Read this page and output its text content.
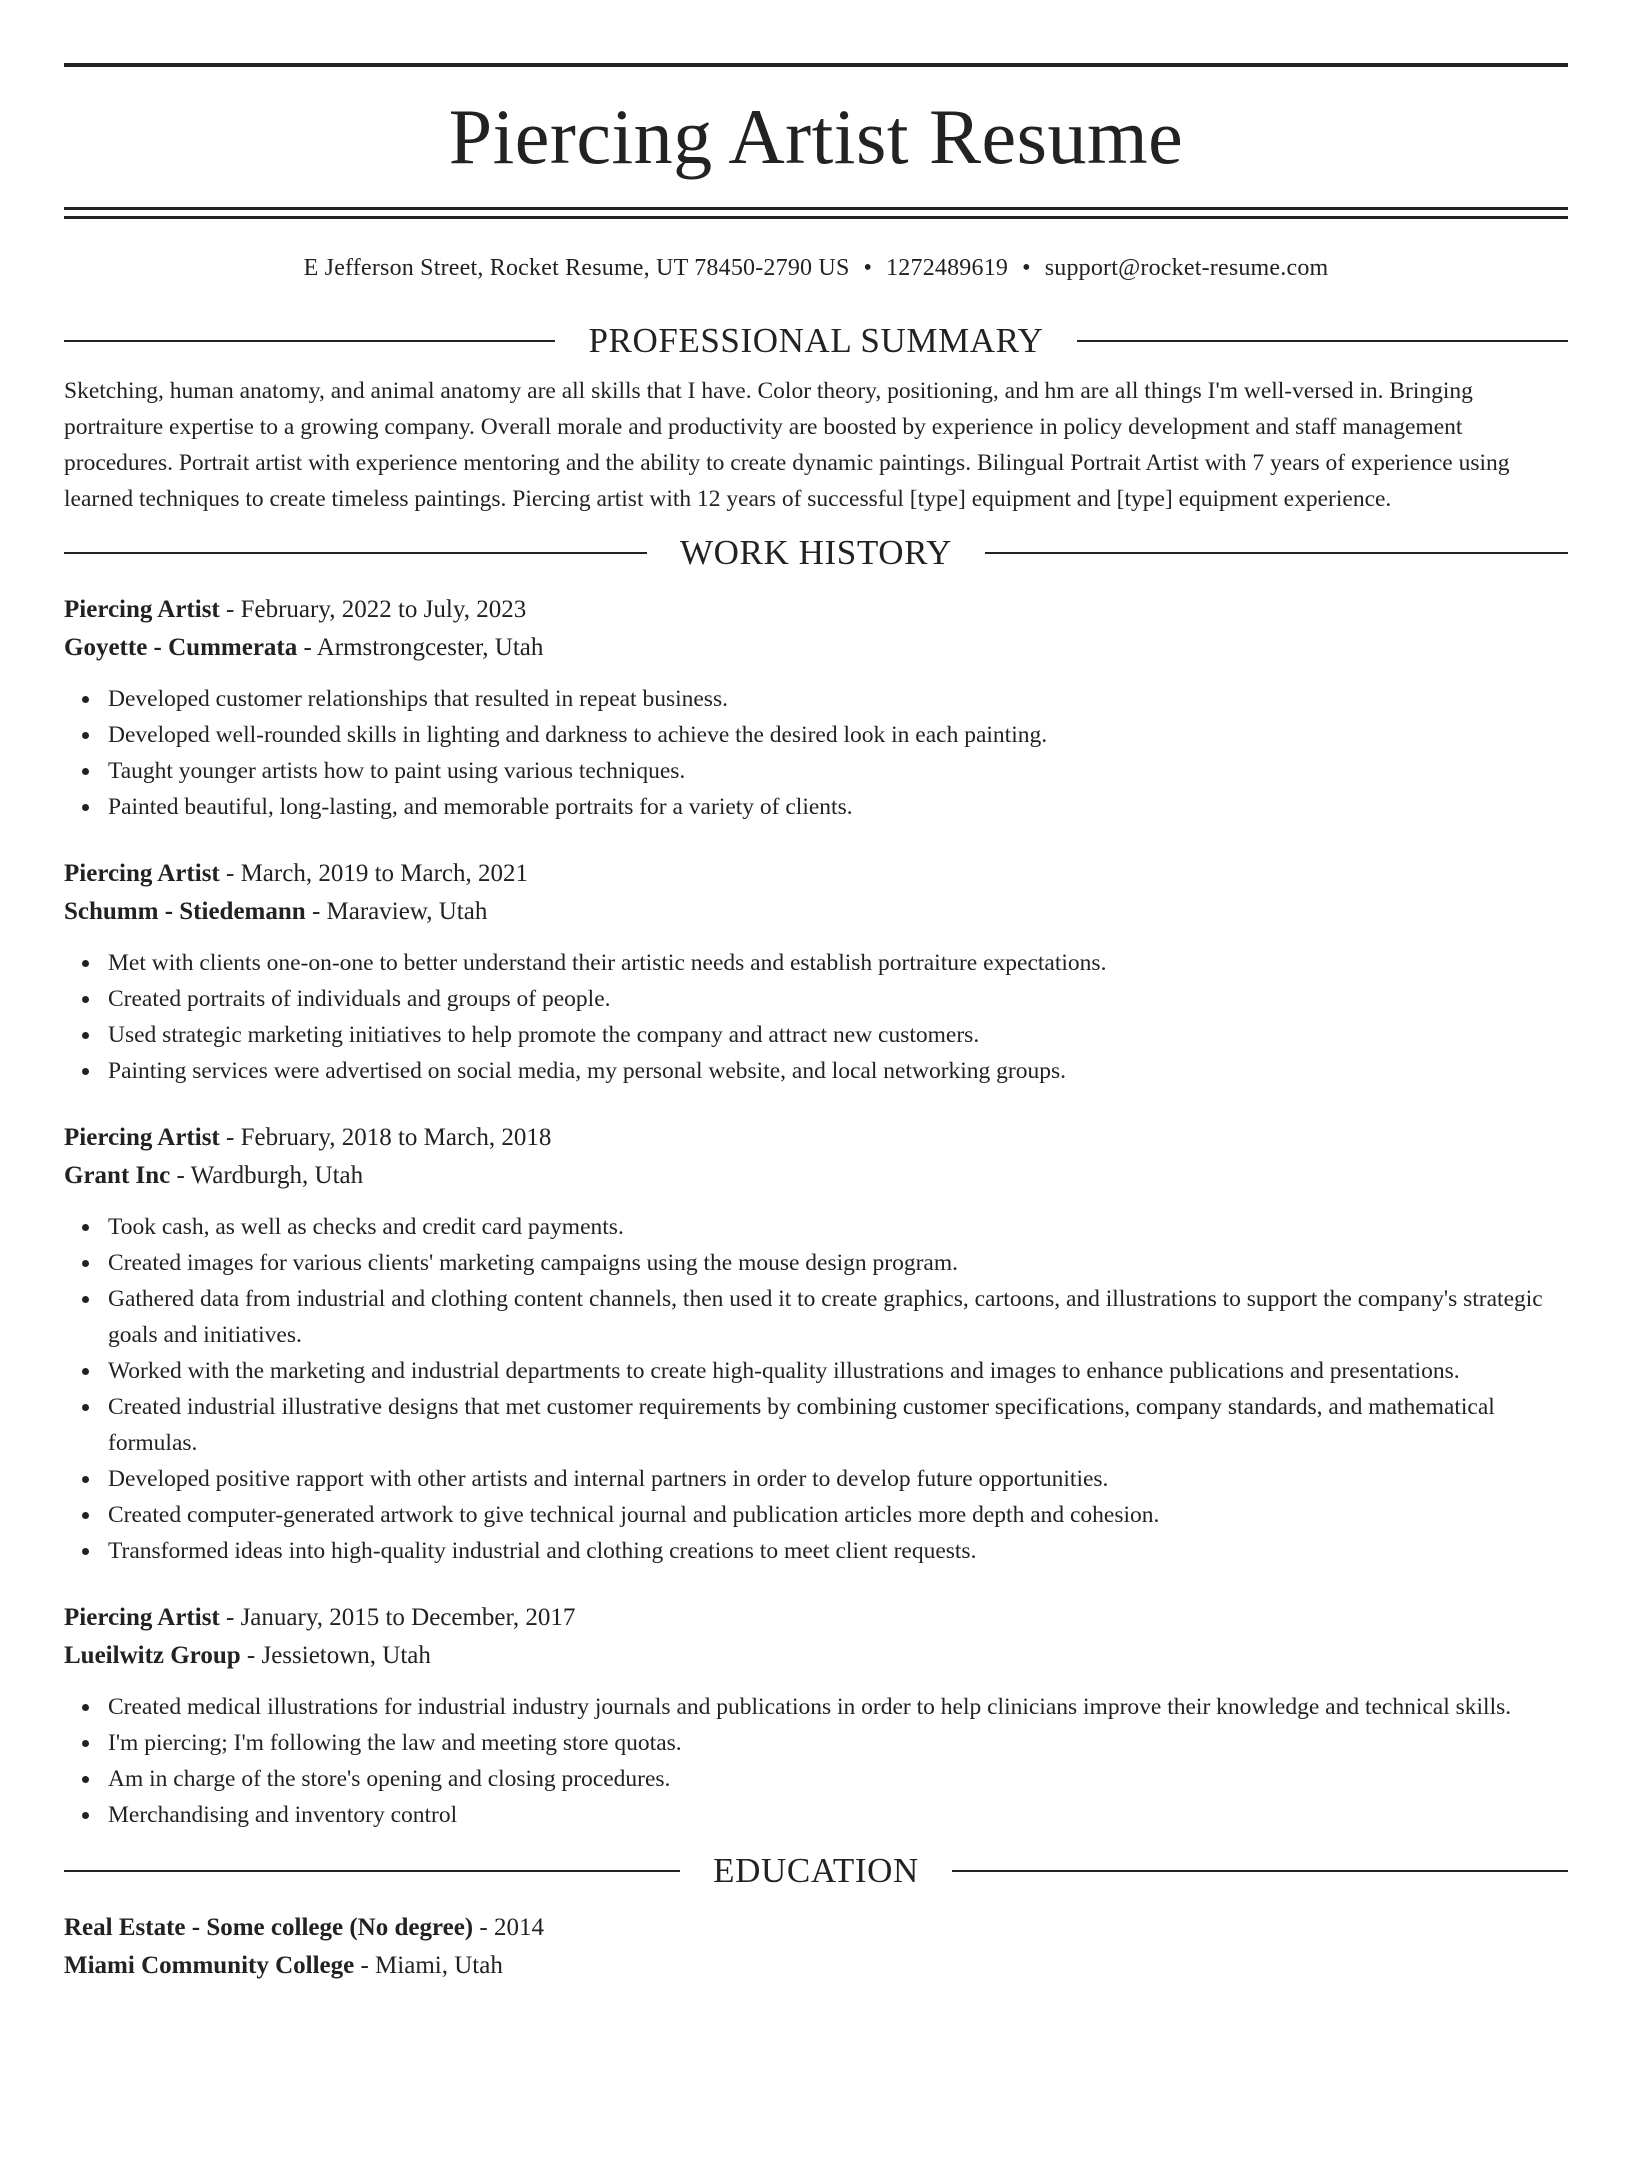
Piercing Artist Resume
E Jefferson Street, Rocket Resume, UT 78450-2790 US • 1272489619 • support@rocket-resume.com
PROFESSIONAL SUMMARY

Sketching, human anatomy, and animal anatomy are all skills that I have. Color theory, positioning, and hm are all things I'm well-versed in. Bringing portraiture expertise to a growing company. Overall morale and productivity are boosted by experience in policy development and staff management procedures. Portrait artist with experience mentoring and the ability to create dynamic paintings. Bilingual Portrait Artist with 7 years of experience using learned techniques to create timeless paintings. Piercing artist with 12 years of successful [type] equipment and [type] equipment experience.

WORK HISTORY
Piercing Artist - February, 2022 to July, 2023
Goyette - Cummerata - Armstrongcester, Utah
Developed customer relationships that resulted in repeat business.
Developed well-rounded skills in lighting and darkness to achieve the desired look in each painting.
Taught younger artists how to paint using various techniques.
Painted beautiful, long-lasting, and memorable portraits for a variety of clients.
Piercing Artist - March, 2019 to March, 2021
Schumm - Stiedemann - Maraview, Utah
Met with clients one-on-one to better understand their artistic needs and establish portraiture expectations.
Created portraits of individuals and groups of people.
Used strategic marketing initiatives to help promote the company and attract new customers.
Painting services were advertised on social media, my personal website, and local networking groups.
Piercing Artist - February, 2018 to March, 2018
Grant Inc - Wardburgh, Utah
Took cash, as well as checks and credit card payments.
Created images for various clients' marketing campaigns using the mouse design program.
Gathered data from industrial and clothing content channels, then used it to create graphics, cartoons, and illustrations to support the company's strategic goals and initiatives.
Worked with the marketing and industrial departments to create high-quality illustrations and images to enhance publications and presentations.
Created industrial illustrative designs that met customer requirements by combining customer specifications, company standards, and mathematical formulas.
Developed positive rapport with other artists and internal partners in order to develop future opportunities.
Created computer-generated artwork to give technical journal and publication articles more depth and cohesion.
Transformed ideas into high-quality industrial and clothing creations to meet client requests.
Piercing Artist - January, 2015 to December, 2017
Lueilwitz Group - Jessietown, Utah
Created medical illustrations for industrial industry journals and publications in order to help clinicians improve their knowledge and technical skills.
I'm piercing; I'm following the law and meeting store quotas.
Am in charge of the store's opening and closing procedures.
Merchandising and inventory control
EDUCATION
Real Estate - Some college (No degree) - 2014
Miami Community College - Miami, Utah
